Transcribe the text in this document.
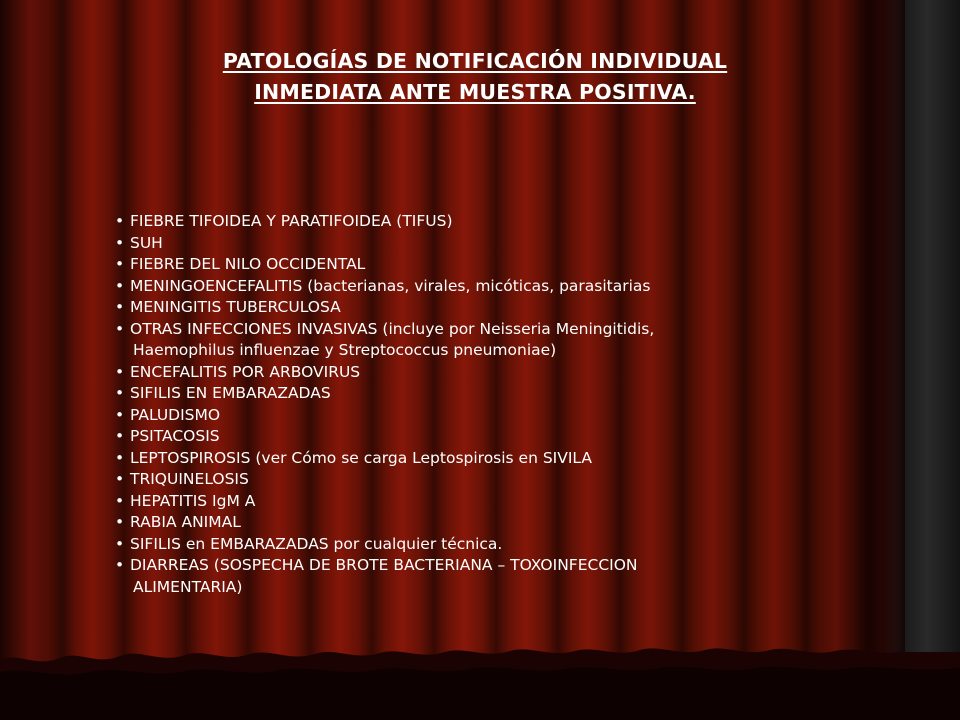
PATOLOGÍAS DE NOTIFICACIÓN INDIVIDUAL
INMEDIATA ANTE MUESTRA POSITIVA.
• FIEBRE TIFOIDEA Y PARATIFOIDEA (TIFUS)
• SUH
• FIEBRE DEL NILO OCCIDENTAL
• MENINGOENCEFALITIS (bacterianas, virales, micóticas, parasitarias
• MENINGITIS TUBERCULOSA
• OTRAS INFECCIONES INVASIVAS (incluye por Neisseria Meningitidis,
Haemophilus influenzae y Streptococcus pneumoniae)
• ENCEFALITIS POR ARBOVIRUS
• SIFILIS EN EMBARAZADAS
• PALUDISMO
• PSITACOSIS
• LEPTOSPIROSIS (ver Cómo se carga Leptospirosis en SIVILA
• TRIQUINELOSIS
• HEPATITIS IgM A
• RABIA ANIMAL
• SIFILIS en EMBARAZADAS por cualquier técnica.
• DIARREAS (SOSPECHA DE BROTE BACTERIANA – TOXOINFECCION
ALIMENTARIA)
